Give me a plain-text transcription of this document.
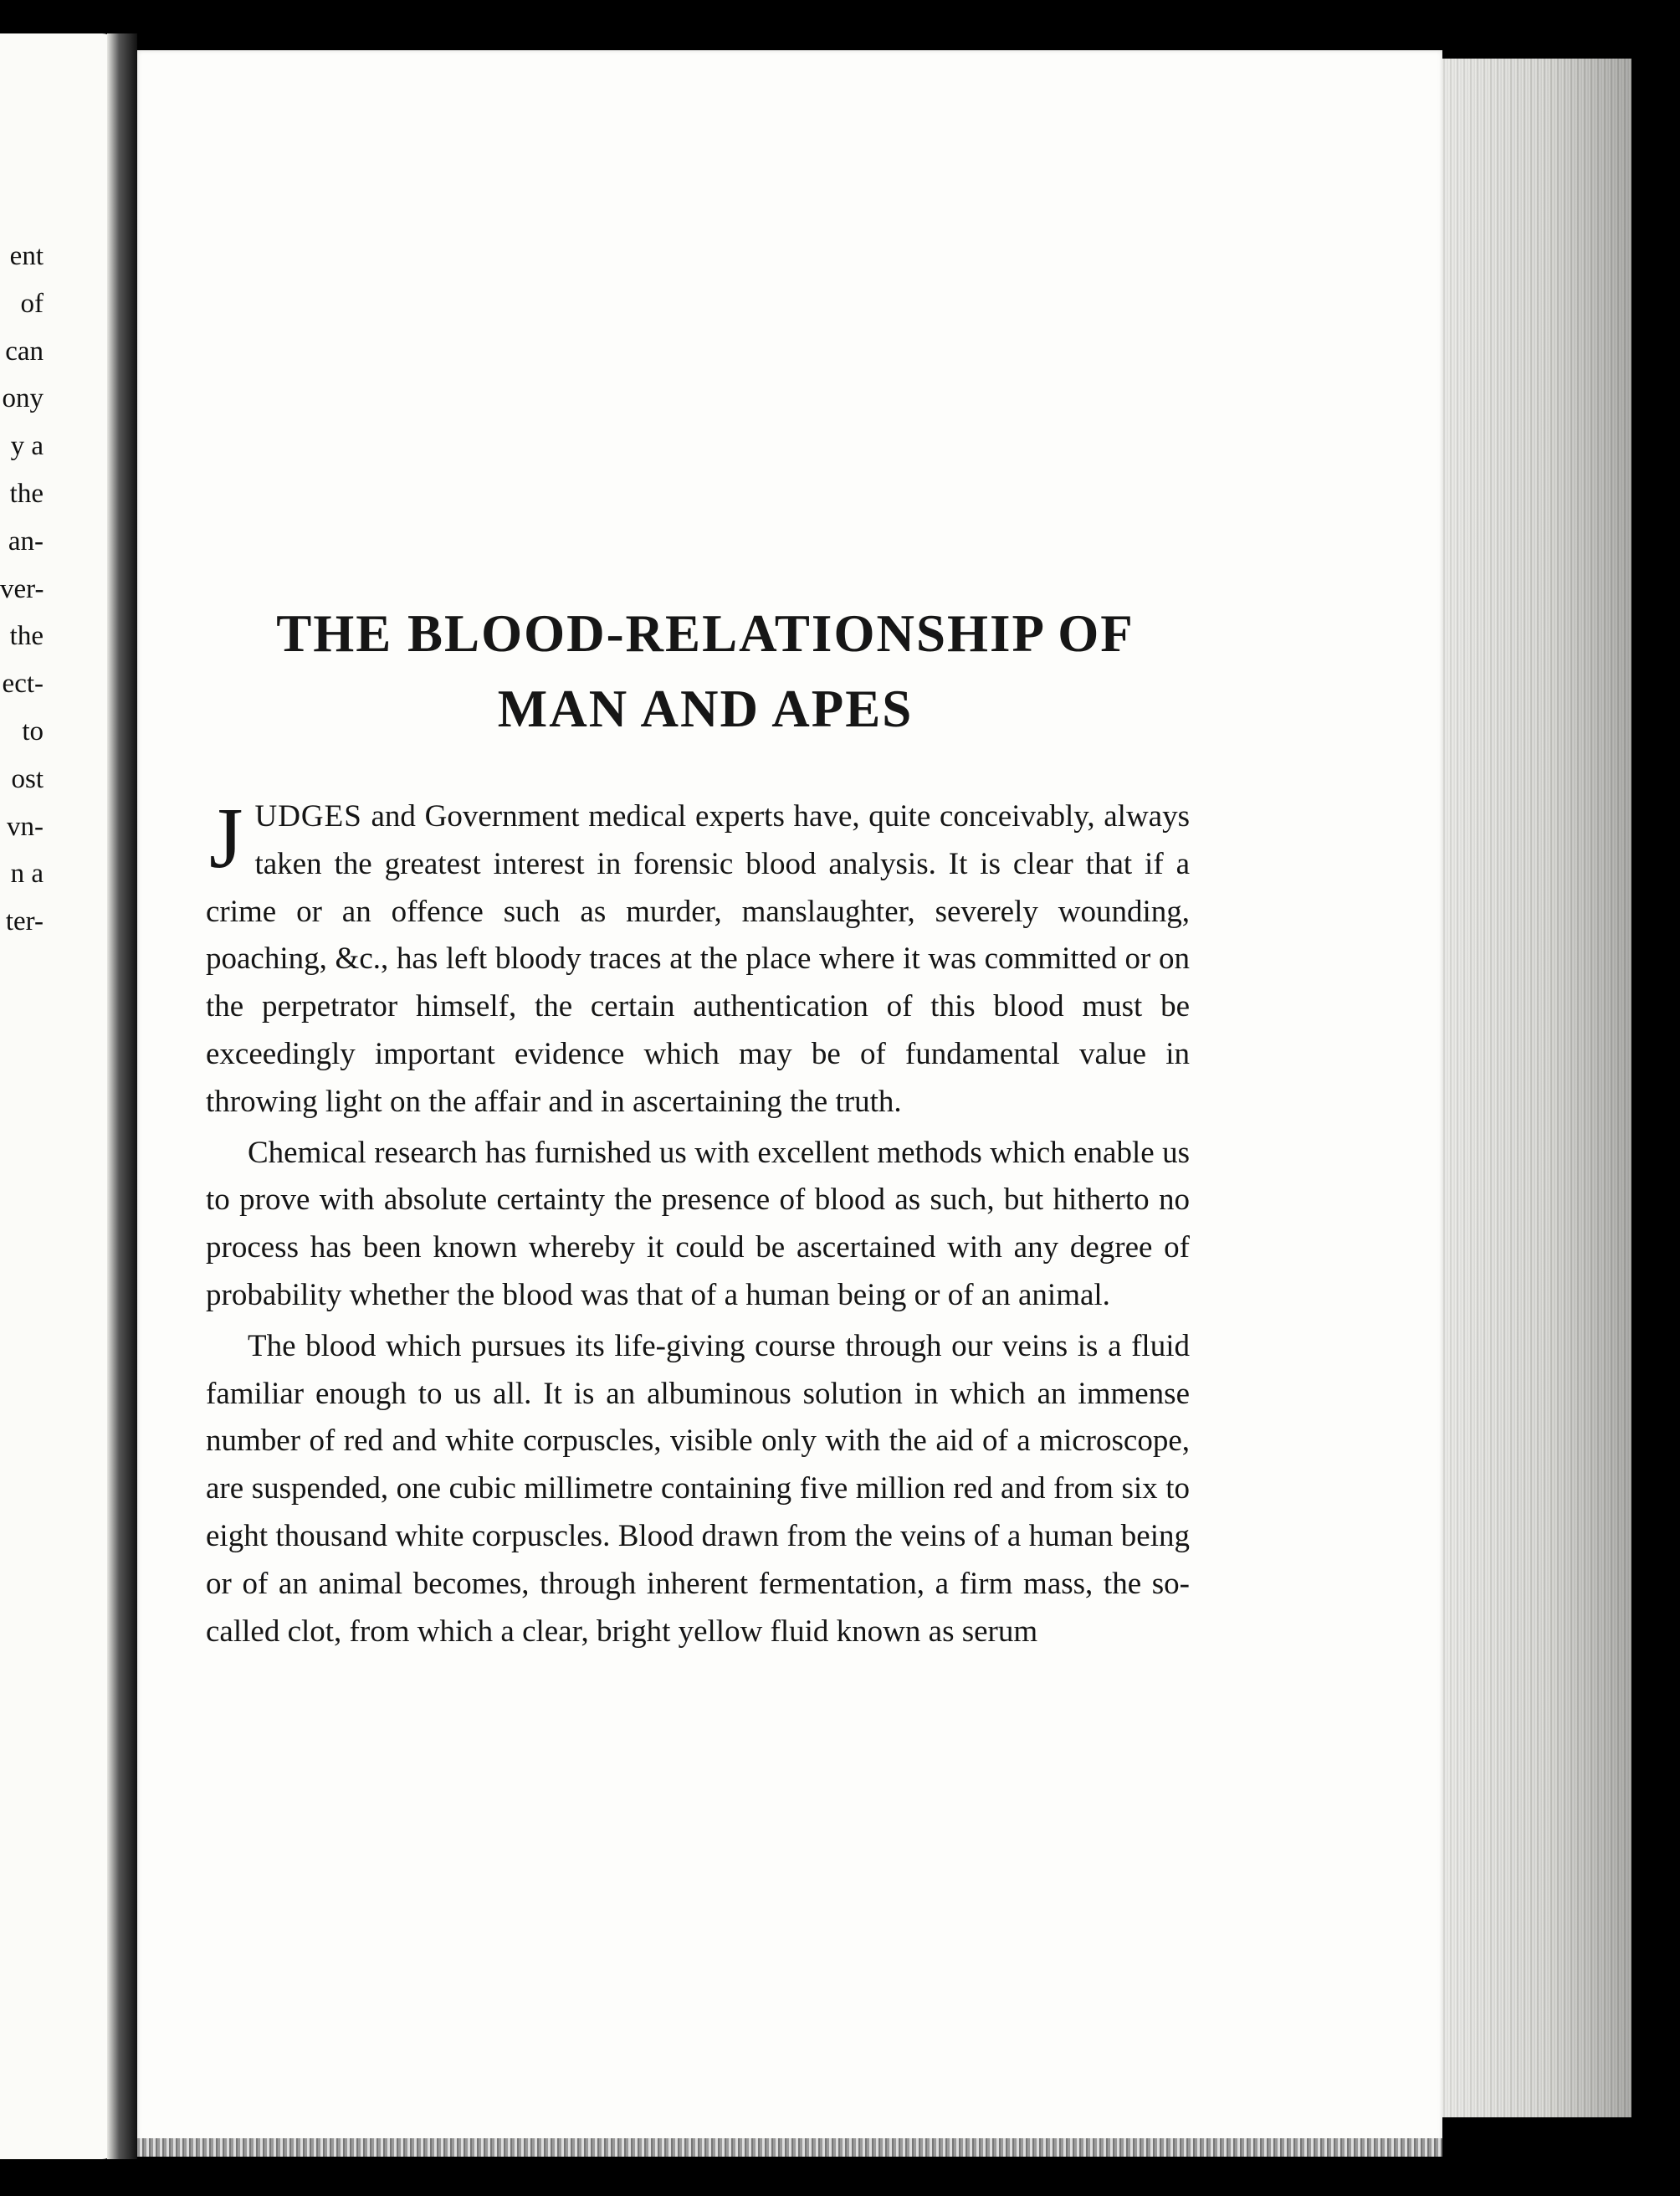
ent
of
can
ony
y a
the
an-
ver-
the
ect-
to
ost
vn-
n a
ter-
THE BLOOD-RELATIONSHIP OF
MAN AND APES

JUDGES and Government medical experts have, quite conceivably, always taken the greatest interest in forensic blood analysis. It is clear that if a crime or an offence such as murder, manslaughter, severely wounding, poaching, &c., has left bloody traces at the place where it was committed or on the perpetrator himself, the certain authentication of this blood must be exceedingly important evidence which may be of fundamental value in throwing light on the affair and in ascertaining the truth.

Chemical research has furnished us with excellent methods which enable us to prove with absolute certainty the presence of blood as such, but hitherto no process has been known whereby it could be ascertained with any degree of probability whether the blood was that of a human being or of an animal.

The blood which pursues its life-giving course through our veins is a fluid familiar enough to us all. It is an albuminous solution in which an immense number of red and white corpuscles, visible only with the aid of a microscope, are suspended, one cubic millimetre containing five million red and from six to eight thousand white corpuscles. Blood drawn from the veins of a human being or of an animal becomes, through inherent fermentation, a firm mass, the so-called clot, from which a clear, bright yellow fluid known as serum
